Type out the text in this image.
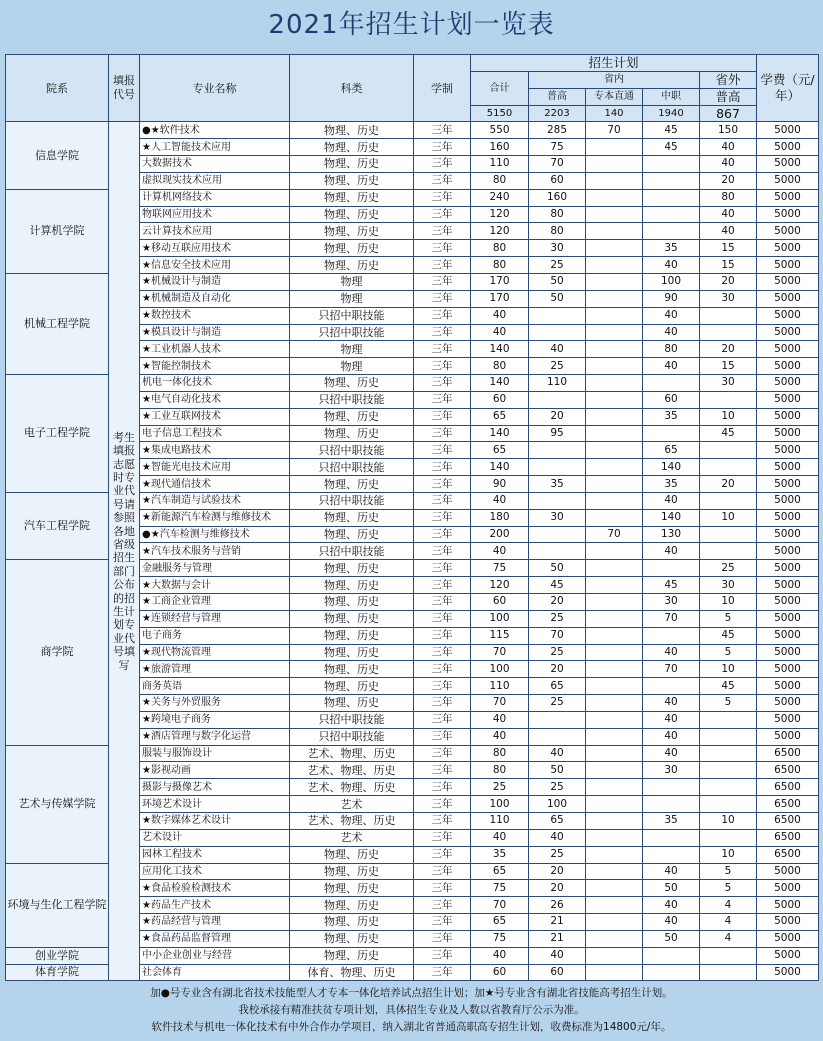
2021年招生计划一览表
院系	填报代号	专业名称	科类	学制	招生计划					学费（元/年）
					合计	省内			省外	
						普高	专本直通	中职	普高	
					5150	2203	140	1940	867	
信息学院	考生填报志愿时专业代号请参照各地省级招生部门公布的招生计划专业代号填写	●★软件技术	物理、历史	三年	550	285	70	45	150	5000
		★人工智能技术应用	物理、历史	三年	160	75		45	40	5000
		大数据技术	物理、历史	三年	110	70			40	5000
		虚拟现实技术应用	物理、历史	三年	80	60			20	5000
计算机学院		计算机网络技术	物理、历史	三年	240	160			80	5000
		物联网应用技术	物理、历史	三年	120	80			40	5000
		云计算技术应用	物理、历史	三年	120	80			40	5000
		★移动互联应用技术	物理、历史	三年	80	30		35	15	5000
		★信息安全技术应用	物理、历史	三年	80	25		40	15	5000
机械工程学院		★机械设计与制造	物理	三年	170	50		100	20	5000
		★机械制造及自动化	物理	三年	170	50		90	30	5000
		★数控技术	只招中职技能	三年	40			40		5000
		★模具设计与制造	只招中职技能	三年	40			40		5000
		★工业机器人技术	物理	三年	140	40		80	20	5000
		★智能控制技术	物理	三年	80	25		40	15	5000
电子工程学院		机电一体化技术	物理、历史	三年	140	110			30	5000
		★电气自动化技术	只招中职技能	三年	60			60		5000
		★工业互联网技术	物理、历史	三年	65	20		35	10	5000
		电子信息工程技术	物理、历史	三年	140	95			45	5000
		★集成电路技术	只招中职技能	三年	65			65		5000
		★智能光电技术应用	只招中职技能	三年	140			140		5000
		★现代通信技术	物理、历史	三年	90	35		35	20	5000
汽车工程学院		★汽车制造与试验技术	只招中职技能	三年	40			40		5000
		★新能源汽车检测与维修技术	物理、历史	三年	180	30		140	10	5000
		●★汽车检测与维修技术	物理、历史	三年	200		70	130		5000
		★汽车技术服务与营销	只招中职技能	三年	40			40		5000
商学院		金融服务与管理	物理、历史	三年	75	50			25	5000
		★大数据与会计	物理、历史	三年	120	45		45	30	5000
		★工商企业管理	物理、历史	三年	60	20		30	10	5000
		★连锁经营与管理	物理、历史	三年	100	25		70	5	5000
		电子商务	物理、历史	三年	115	70			45	5000
		★现代物流管理	物理、历史	三年	70	25		40	5	5000
		★旅游管理	物理、历史	三年	100	20		70	10	5000
		商务英语	物理、历史	三年	110	65			45	5000
		★关务与外贸服务	物理、历史	三年	70	25		40	5	5000
		★跨境电子商务	只招中职技能	三年	40			40		5000
		★酒店管理与数字化运营	只招中职技能	三年	40			40		5000
艺术与传媒学院		服装与服饰设计	艺术、物理、历史	三年	80	40		40		6500
		★影视动画	艺术、物理、历史	三年	80	50		30		6500
		摄影与摄像艺术	艺术、物理、历史	三年	25	25				6500
		环境艺术设计	艺术	三年	100	100				6500
		★数字媒体艺术设计	艺术、物理、历史	三年	110	65		35	10	6500
		艺术设计	艺术	三年	40	40				6500
		园林工程技术	物理、历史	三年	35	25			10	6500
环境与生化工程学院		应用化工技术	物理、历史	三年	65	20		40	5	5000
		★食品检验检测技术	物理、历史	三年	75	20		50	5	5000
		★药品生产技术	物理、历史	三年	70	26		40	4	5000
		★药品经营与管理	物理、历史	三年	65	21		40	4	5000
		★食品药品监督管理	物理、历史	三年	75	21		50	4	5000
创业学院		中小企业创业与经营	物理、历史	三年	40	40				5000
体育学院		社会体育	体育、物理、历史	三年	60	60				5000
加●号专业含有湖北省技术技能型人才专本一体化培养试点招生计划；加★号专业含有湖北省技能高考招生计划。
我校承接有精准扶贫专项计划，具体招生专业及人数以省教育厅公示为准。
软件技术与机电一体化技术有中外合作办学项目，纳入湖北省普通高职高专招生计划，收费标准为14800元/年。
